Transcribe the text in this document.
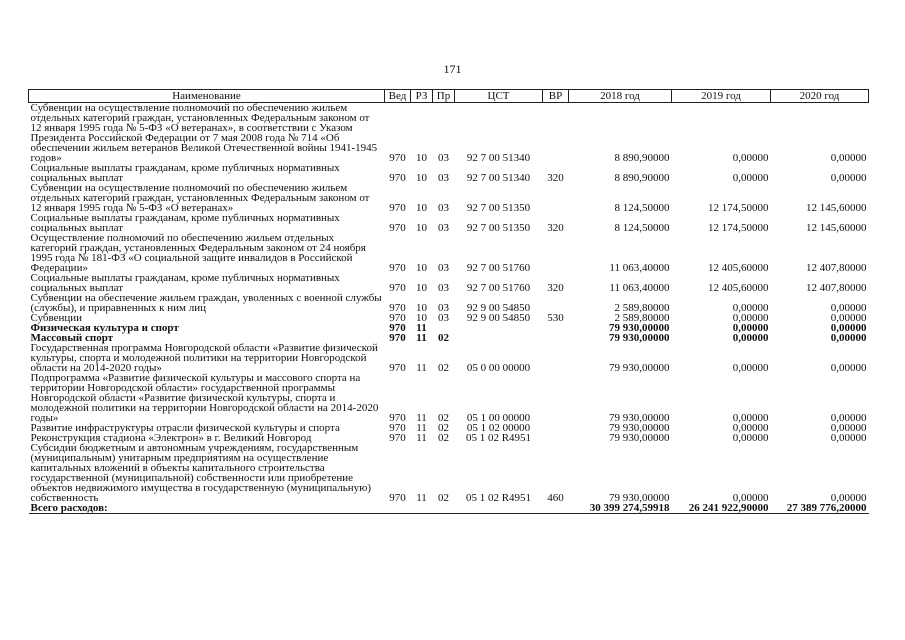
171
Наименование	Вед	РЗ	Пр	ЦСТ	ВР	2018 год	2019 год	2020 год
Субвенции на осуществление полномочий по обеспечению жильем отдельных категорий граждан, установленных Федеральным законом от 12 января 1995 года № 5-ФЗ «О ветеранах», в соответствии с Указом Президента Российской Федерации от 7 мая 2008 года № 714 «Об обеспечении жильем ветеранов Великой Отечественной войны 1941-1945 годов»	970	10	03	92 7 00 51340		8 890,90000	0,00000	0,00000
Социальные выплаты гражданам, кроме публичных нормативных социальных выплат	970	10	03	92 7 00 51340	320	8 890,90000	0,00000	0,00000
Субвенции на осуществление полномочий по обеспечению жильем отдельных категорий граждан, установленных Федеральным законом от 12 января 1995 года № 5-ФЗ «О ветеранах»	970	10	03	92 7 00 51350		8 124,50000	12 174,50000	12 145,60000
Социальные выплаты гражданам, кроме публичных нормативных социальных выплат	970	10	03	92 7 00 51350	320	8 124,50000	12 174,50000	12 145,60000
Осуществление полномочий по обеспечению жильем отдельных категорий граждан, установленных Федеральным законом от 24 ноября 1995 года № 181-ФЗ «О социальной защите инвалидов в Российской Федерации»	970	10	03	92 7 00 51760		11 063,40000	12 405,60000	12 407,80000
Социальные выплаты гражданам, кроме публичных нормативных социальных выплат	970	10	03	92 7 00 51760	320	11 063,40000	12 405,60000	12 407,80000
Субвенции на обеспечение жильем граждан, уволенных с военной службы (службы), и приравненных к ним лиц	970	10	03	92 9 00 54850		2 589,80000	0,00000	0,00000
Субвенции	970	10	03	92 9 00 54850	530	2 589,80000	0,00000	0,00000
Физическая культура и спорт	970	11				79 930,00000	0,00000	0,00000
Массовый спорт	970	11	02			79 930,00000	0,00000	0,00000
Государственная программа Новгородской области «Развитие физической культуры, спорта и молодежной политики на территории Новгородской области на 2014-2020 годы»	970	11	02	05 0 00 00000		79 930,00000	0,00000	0,00000
Подпрограмма «Развитие физической культуры и массового спорта на территории Новгородской области» государственной программы Новгородской области «Развитие физической культуры, спорта и молодежной политики на территории Новгородской области на 2014-2020 годы»	970	11	02	05 1 00 00000		79 930,00000	0,00000	0,00000
Развитие инфраструктуры отрасли физической культуры и спорта	970	11	02	05 1 02 00000		79 930,00000	0,00000	0,00000
Реконструкция стадиона «Электрон» в г. Великий Новгород	970	11	02	05 1 02 R4951		79 930,00000	0,00000	0,00000
Субсидии бюджетным и автономным учреждениям, государственным (муниципальным) унитарным предприятиям на осуществление капитальных вложений в объекты капитального строительства государственной (муниципальной) собственности или приобретение объектов недвижимого имущества в государственную (муниципальную) собственность	970	11	02	05 1 02 R4951	460	79 930,00000	0,00000	0,00000
Всего расходов:						30 399 274,59918	26 241 922,90000	27 389 776,20000
